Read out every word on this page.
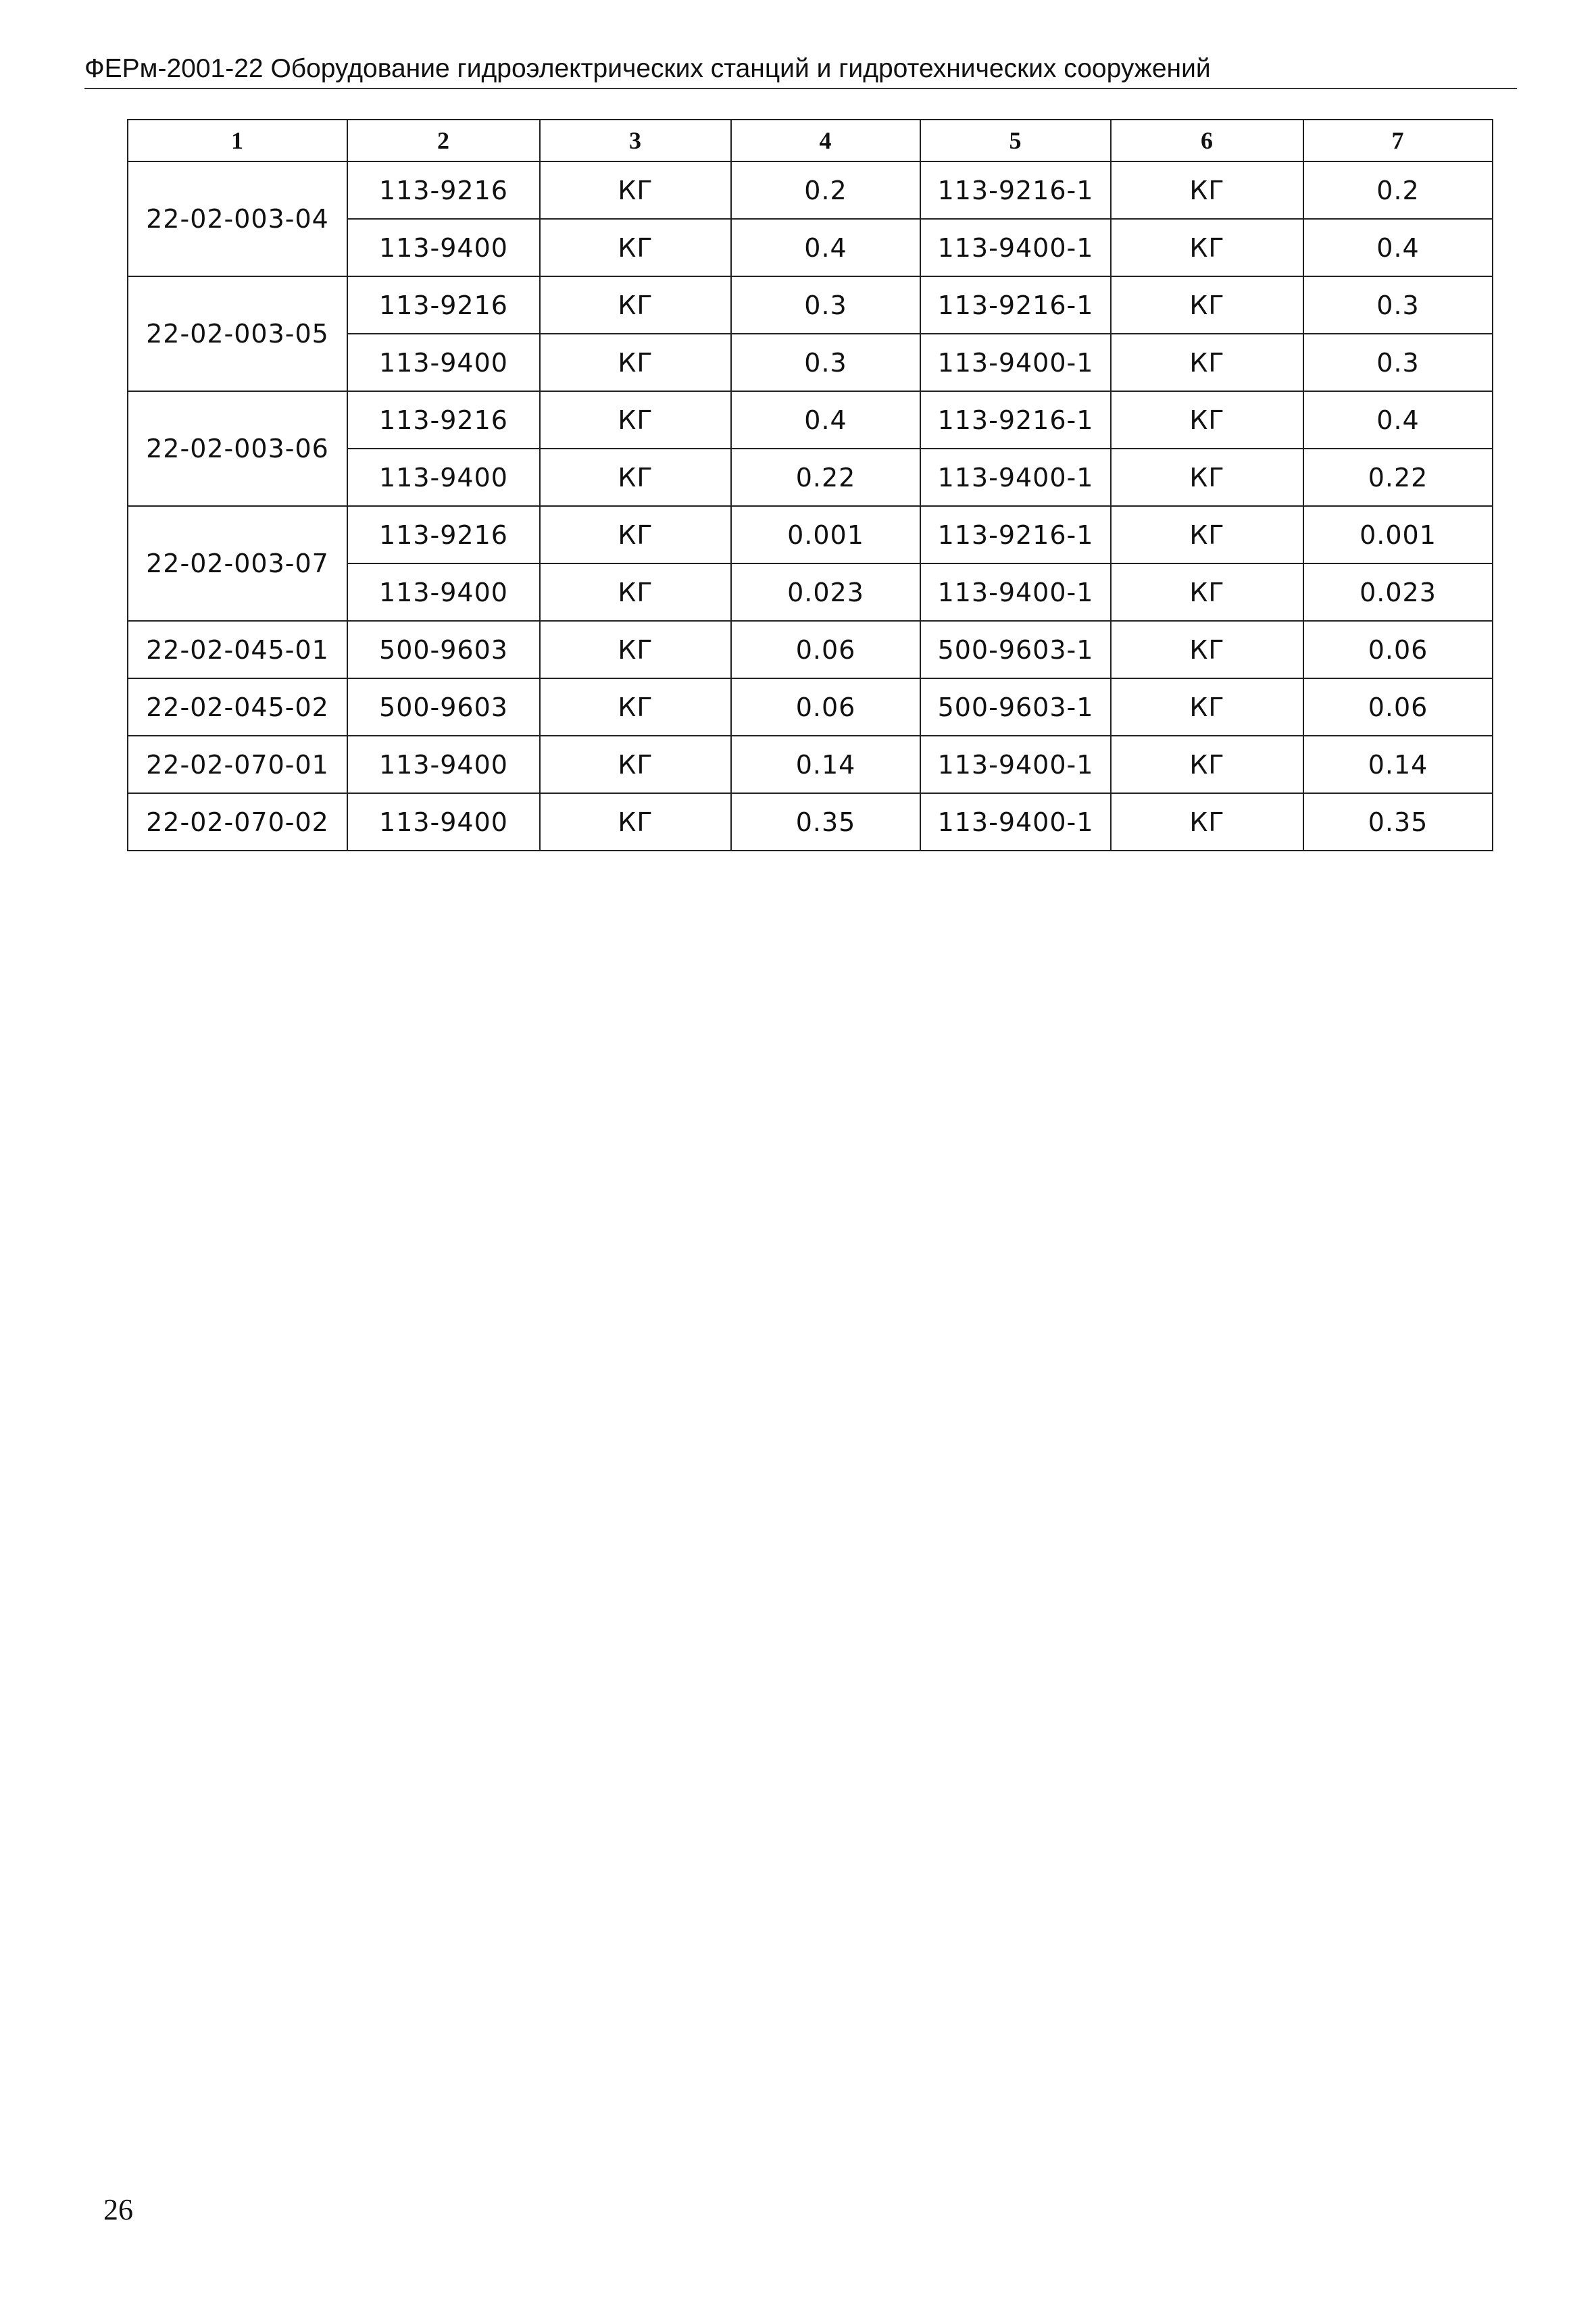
ФЕРм-2001-22 Оборудование гидроэлектрических станций и гидротехнических сооружений
1	2	3	4	5	6	7
22-02-003-04	113-9216	КГ	0.2	113-9216-1	КГ	0.2
	113-9400	КГ	0.4	113-9400-1	КГ	0.4
22-02-003-05	113-9216	КГ	0.3	113-9216-1	КГ	0.3
	113-9400	КГ	0.3	113-9400-1	КГ	0.3
22-02-003-06	113-9216	КГ	0.4	113-9216-1	КГ	0.4
	113-9400	КГ	0.22	113-9400-1	КГ	0.22
22-02-003-07	113-9216	КГ	0.001	113-9216-1	КГ	0.001
	113-9400	КГ	0.023	113-9400-1	КГ	0.023
22-02-045-01	500-9603	КГ	0.06	500-9603-1	КГ	0.06
22-02-045-02	500-9603	КГ	0.06	500-9603-1	КГ	0.06
22-02-070-01	113-9400	КГ	0.14	113-9400-1	КГ	0.14
22-02-070-02	113-9400	КГ	0.35	113-9400-1	КГ	0.35
26
